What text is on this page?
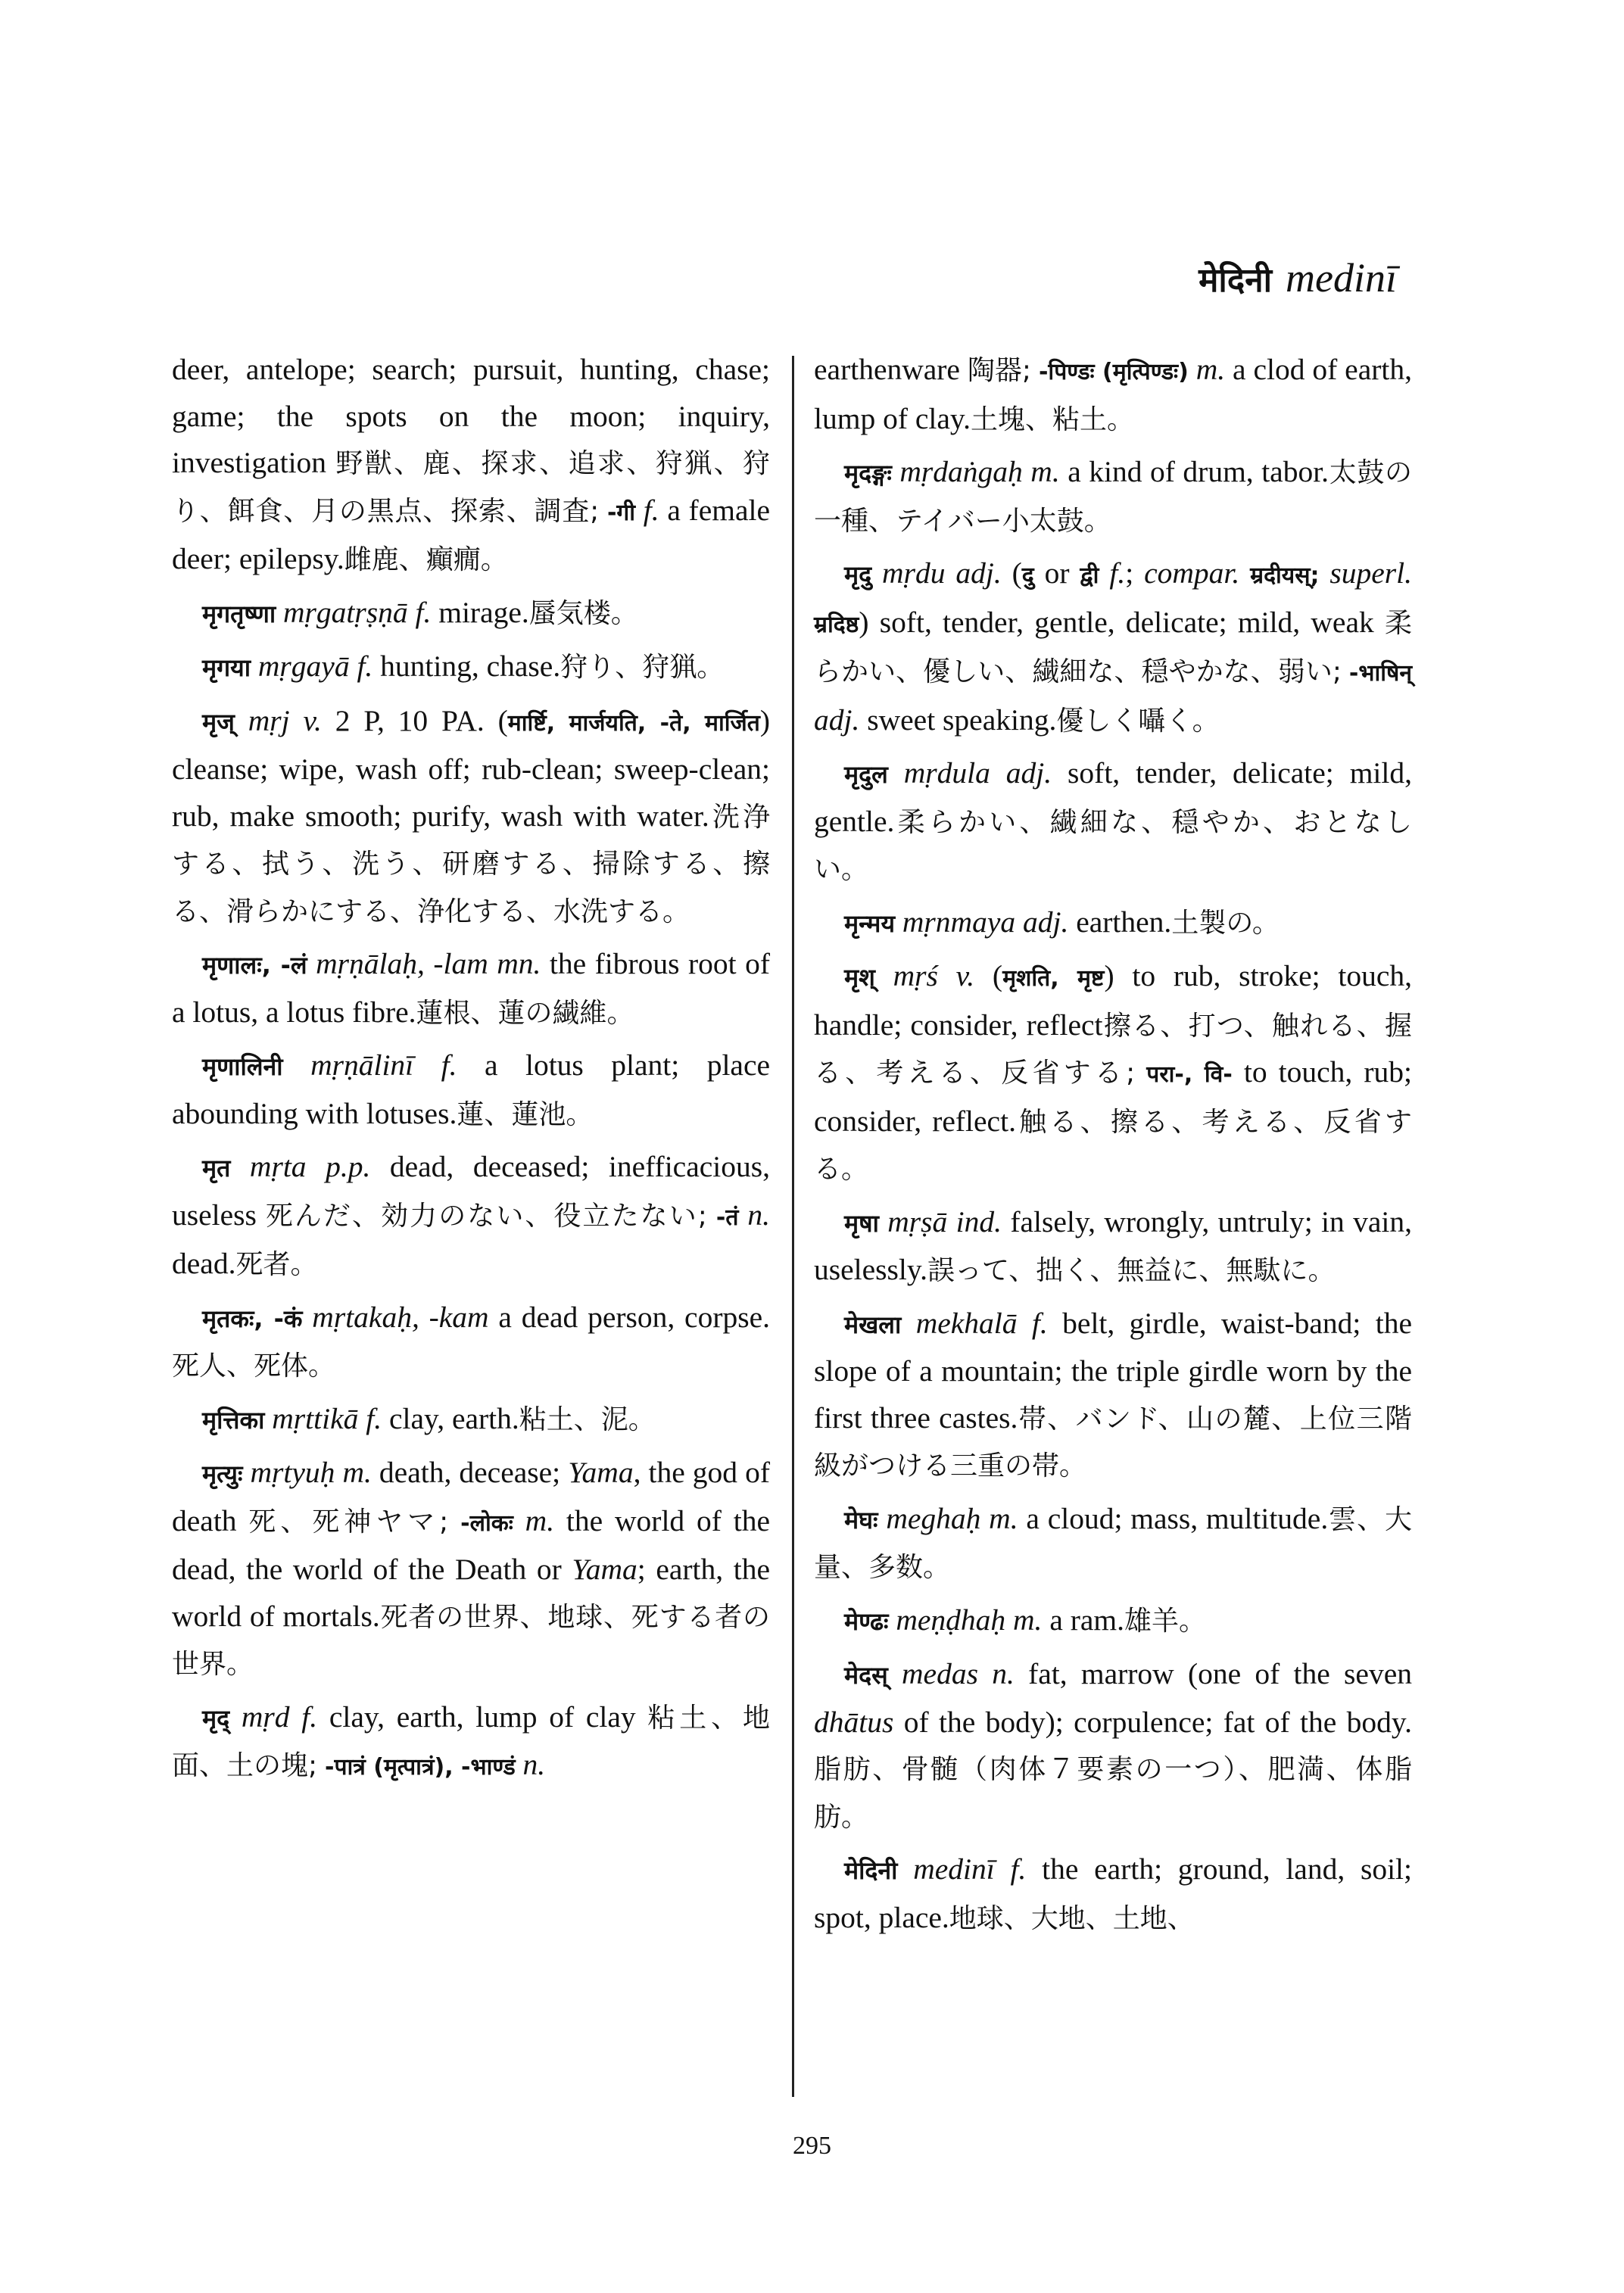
मेदिनी medinī

deer, antelope; search; pursuit, hunting, chase; game; the spots on the moon; inquiry, investigation 野獣、鹿、探求、追求、狩猟、狩り、餌食、月の黒点、探索、調査; -गी f. a female deer; epilepsy.雌鹿、癲癇。

मृगतृष्णा mṛgatṛṣṇā f. mirage.蜃気楼。

मृगया mṛgayā f. hunting, chase.狩り、狩猟。

मृज् mṛj v. 2 P, 10 PA. (मार्ष्टि, मार्जयति, -ते, मार्जित) cleanse; wipe, wash off; rub-clean; sweep-clean; rub, make smooth; purify, wash with water.洗浄する、拭う、洗う、研磨する、掃除する、擦る、滑らかにする、浄化する、水洗する。

मृणालः, -लं mṛṇālaḥ, -lam mn. the fibrous root of a lotus, a lotus fibre.蓮根、蓮の繊維。

मृणालिनी mṛṇālinī f. a lotus plant; place abounding with lotuses.蓮、蓮池。

मृत mṛta p.p. dead, deceased; inefficacious, useless 死んだ、効力のない、役立たない; -तं n. dead.死者。

मृतकः, -कं mṛtakaḥ, -kam a dead person, corpse.死人、死体。

मृत्तिका mṛttikā f. clay, earth.粘土、泥。

मृत्युः mṛtyuḥ m. death, decease; Yama, the god of death 死、死神ヤマ; -लोकः m. the world of the dead, the world of the Death or Yama; earth, the world of mortals.死者の世界、地球、死する者の世界。

मृद् mṛd f. clay, earth, lump of clay 粘土、地面、土の塊; -पात्रं (मृत्पात्रं), -भाण्डं n.

earthenware 陶器; -पिण्डः (मृत्पिण्डः) m. a clod of earth, lump of clay.土塊、粘土。

मृदङ्गः mṛdaṅgaḥ m. a kind of drum, tabor.太鼓の一種、テイバー小太鼓。

मृदु mṛdu adj. (दु or द्वी f.; compar. म्रदीयस्; superl. म्रदिष्ठ) soft, tender, gentle, delicate; mild, weak 柔らかい、優しい、繊細な、穏やかな、弱い; -भाषिन् adj. sweet speaking.優しく囁く。

मृदुल mṛdula adj. soft, tender, delicate; mild, gentle.柔らかい、繊細な、穏やか、おとなしい。

मृन्मय mṛnmaya adj. earthen.土製の。

मृश् mṛś v. (मृशति, मृष्ट) to rub, stroke; touch, handle; consider, reflect擦る、打つ、触れる、握る、考える、反省する; परा-, वि- to touch, rub; consider, reflect.触る、擦る、考える、反省する。

मृषा mṛṣā ind. falsely, wrongly, untruly; in vain, uselessly.誤って、拙く、無益に、無駄に。

मेखला mekhalā f. belt, girdle, waist-band; the slope of a mountain; the triple girdle worn by the first three castes.帯、バンド、山の麓、上位三階級がつける三重の帯。

मेघः meghaḥ m. a cloud; mass, multitude.雲、大量、多数。

मेण्ढः meṇḍhaḥ m. a ram.雄羊。

मेदस् medas n. fat, marrow (one of the seven dhātus of the body); corpulence; fat of the body.脂肪、骨髄（肉体７要素の一つ）、肥満、体脂肪。

मेदिनी medinī f. the earth; ground, land, soil; spot, place.地球、大地、土地、

295
